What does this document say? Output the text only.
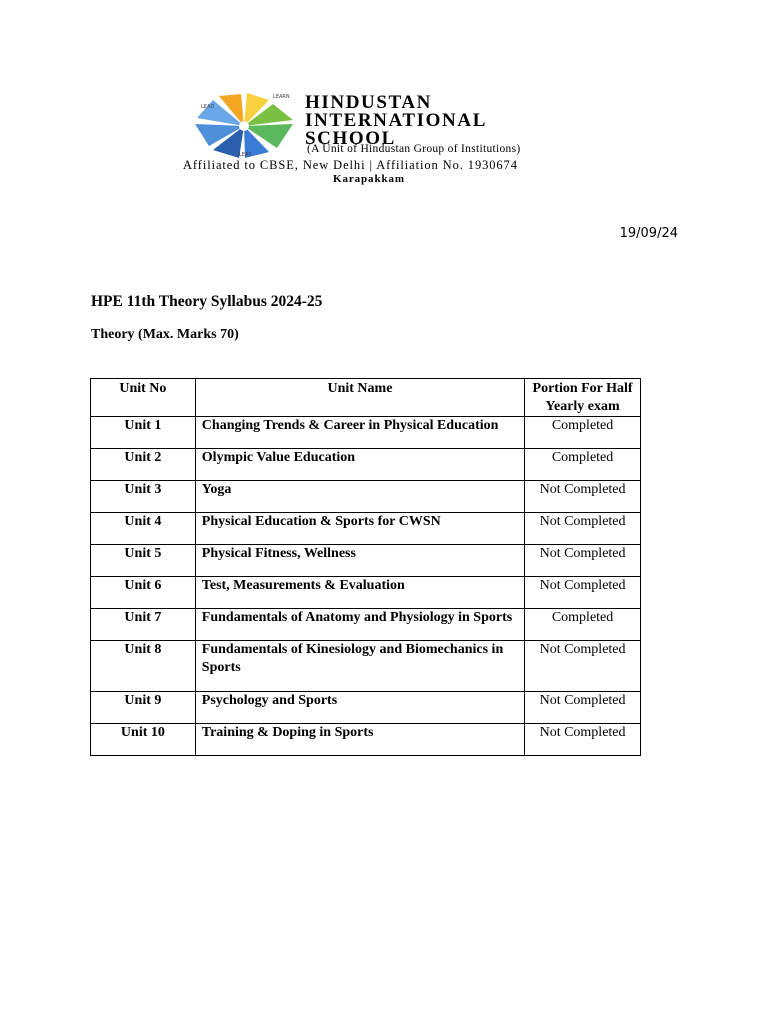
LEAD
LEARN
LEAP
HINDUSTAN
INTERNATIONAL
SCHOOL
(A Unit of Hindustan Group of Institutions)
Affiliated to CBSE, New Delhi | Affiliation No. 1930674
Karapakkam
19/09/24
HPE 11th Theory Syllabus 2024-25
Theory (Max. Marks 70)
Unit No	Unit Name	Portion For Half Yearly exam
Unit 1	Changing Trends & Career in Physical Education	Completed
Unit 2	Olympic Value Education	Completed
Unit 3	Yoga	Not Completed
Unit 4	Physical Education & Sports for CWSN	Not Completed
Unit 5	Physical Fitness, Wellness	Not Completed
Unit 6	Test, Measurements & Evaluation	Not Completed
Unit 7	Fundamentals of Anatomy and Physiology in Sports	Completed
Unit 8	Fundamentals of Kinesiology and Biomechanics in Sports	Not Completed
Unit 9	Psychology and Sports	Not Completed
Unit 10	Training & Doping in Sports	Not Completed
